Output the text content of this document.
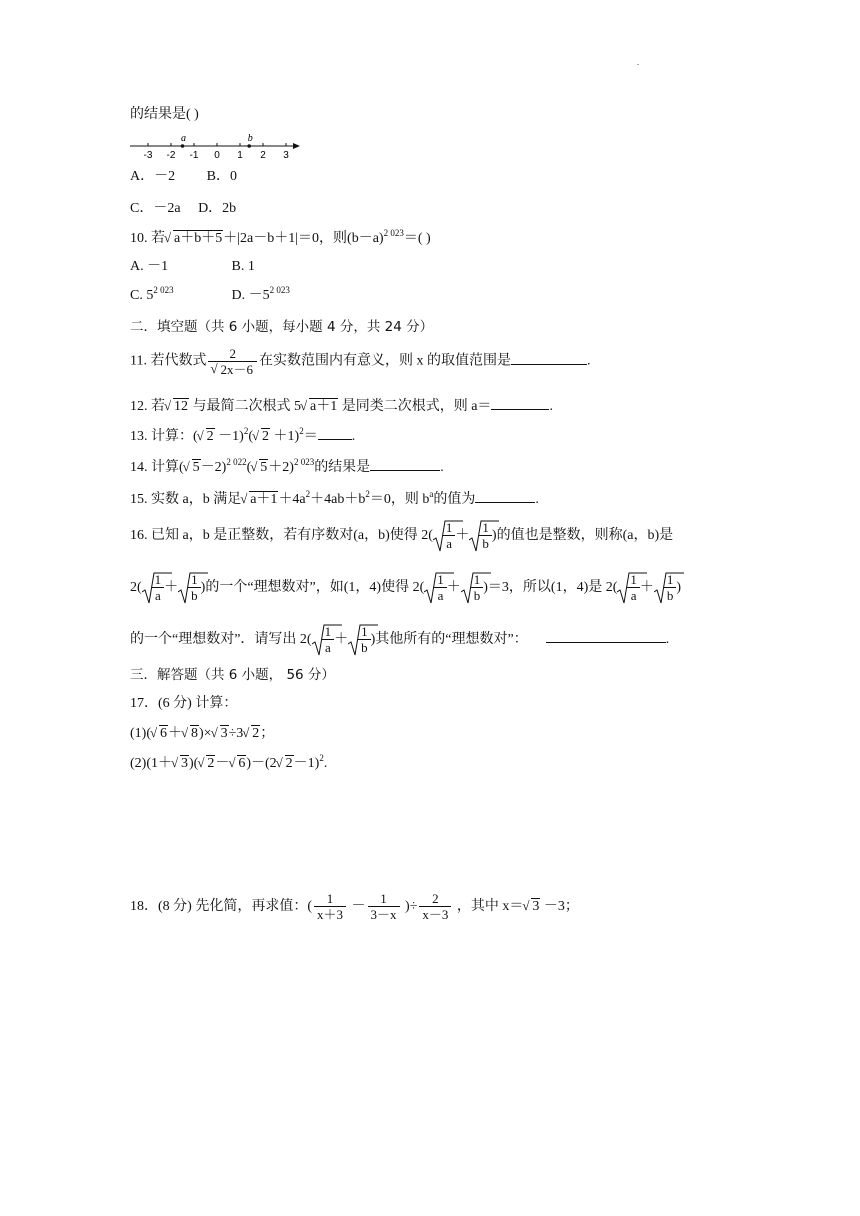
.
的结果是( )
-3 -2 -1 0 1 2 3
a	b
A．－2 B．0
C．－2a D．2b
10. 若 √ a＋b＋5＋|2a－b＋1|＝0，则$(b-a)^{2 023}=$( )
A. －1	B. 1
C. $5^{2 023}$	D. $-5^{2 023}$
二．填空题（共 6 小题，每小题 4 分，共 24 分）
11. 若代数式 2
√ 2x－6 在实数范围内有意义，则 x 的取值范围是	.
12. 若 √ 12 与最简二次根式 5 √ a＋1 是同类二次根式，则 a＝	.
13. 计算：( √ 2 －1)$^2$( √ 2 ＋1)$^2$＝ .
14. 计算( √ 5－2)$^{2 022}$( √ 5＋2)$^{2 023}$的结果是	.
15. 实数 a，b 满足 √ $a+1+4a^2+4ab+b^2=0$，则 $b^a$的值为	.
16. 已知 a，b 是正整数，若有序数对(a，b)使得 $2( \frac{1}{a} + \frac{1}{b}$ )的值也是整数，则称(a，b)是
$2( \frac{1}{a} + \frac{1}{b}$ )的一个“理想数对”，如(1，4)使得 $2( \frac{1}{a} + \frac{1}{b} )=3$，所以(1，4)是 $2( \frac{1}{a} + \frac{1}{b}$ )
的一个“理想数对”．请写出 $2( \frac{1}{a} + \frac{1}{b}$ )其他所有的“理想数对”：	.
三．解答题（共 6 小题， 56 分）
17．(6 分) 计算：
(1)( √ 6＋ √ 8)× √ 3÷3 √ 2；
(2)(1＋ √ 3)( √ 2－ √ 6)－(2 √ 2－1)$^2$.
18．(8 分) 先化简，再求值：( $\frac{1}{x+3} - \frac{1}{3-x}$ )÷ $\frac{2}{x-3}$ ，其中 x＝ √ 3 －3；
